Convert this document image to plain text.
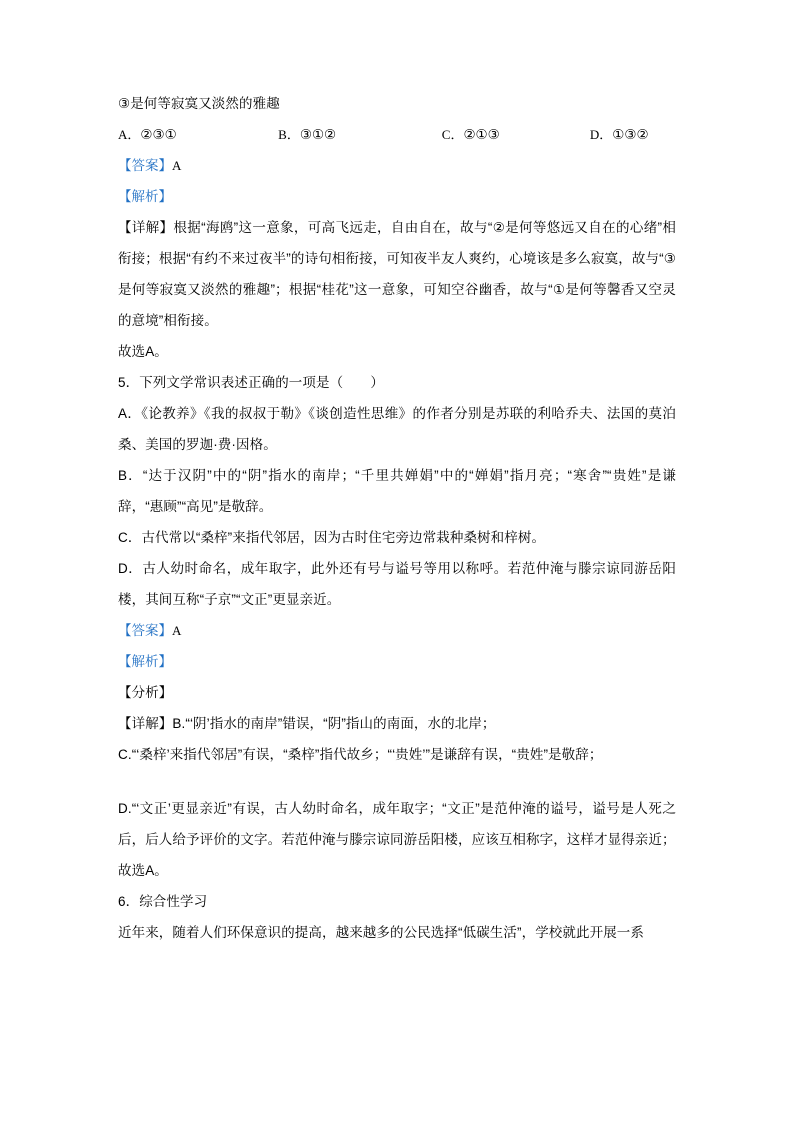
③是何等寂寞又淡然的雅趣
A．②③①	B．③①②	C．②①③	D．①③②
【答案】A
【解析】
【详解】根据“海鸥”这一意象，可高飞远走，自由自在，故与“②是何等悠远又自在的心绪”相衔接；根据“有约不来过夜半”的诗句相衔接，可知夜半友人爽约，心境该是多么寂寞，故与“③是何等寂寞又淡然的雅趣”；根据“桂花”这一意象，可知空谷幽香，故与“①是何等馨香又空灵的意境”相衔接。
故选A。
5．下列文学常识表述正确的一项是（　　）
A．《论教养》《我的叔叔于勒》《谈创造性思维》的作者分别是苏联的利哈乔夫、法国的莫泊桑、美国的罗迦·费·因格。
B．“达于汉阴”中的“阴”指水的南岸；“千里共婵娟”中的“婵娟”指月亮；“寒舍”“贵姓”是谦辞，“惠顾”“高见”是敬辞。
C．古代常以“桑梓”来指代邻居，因为古时住宅旁边常栽种桑树和梓树。
D．古人幼时命名，成年取字，此外还有号与谥号等用以称呼。若范仲淹与滕宗谅同游岳阳楼，其间互称“子京”“文正”更显亲近。
【答案】A
【解析】
【分析】
【详解】B.“‘阴’指水的南岸”错误，“阴”指山的南面，水的北岸；
C.“‘桑梓’来指代邻居”有误，“桑梓”指代故乡；“‘贵姓’”是谦辞有误，“贵姓”是敬辞；
D.“‘文正’更显亲近”有误，古人幼时命名，成年取字；“文正”是范仲淹的谥号，谥号是人死之后，后人给予评价的文字。若范仲淹与滕宗谅同游岳阳楼，应该互相称字，这样才显得亲近；
故选A。
6．综合性学习
近年来，随着人们环保意识的提高，越来越多的公民选择“低碳生活”，学校就此开展一系
